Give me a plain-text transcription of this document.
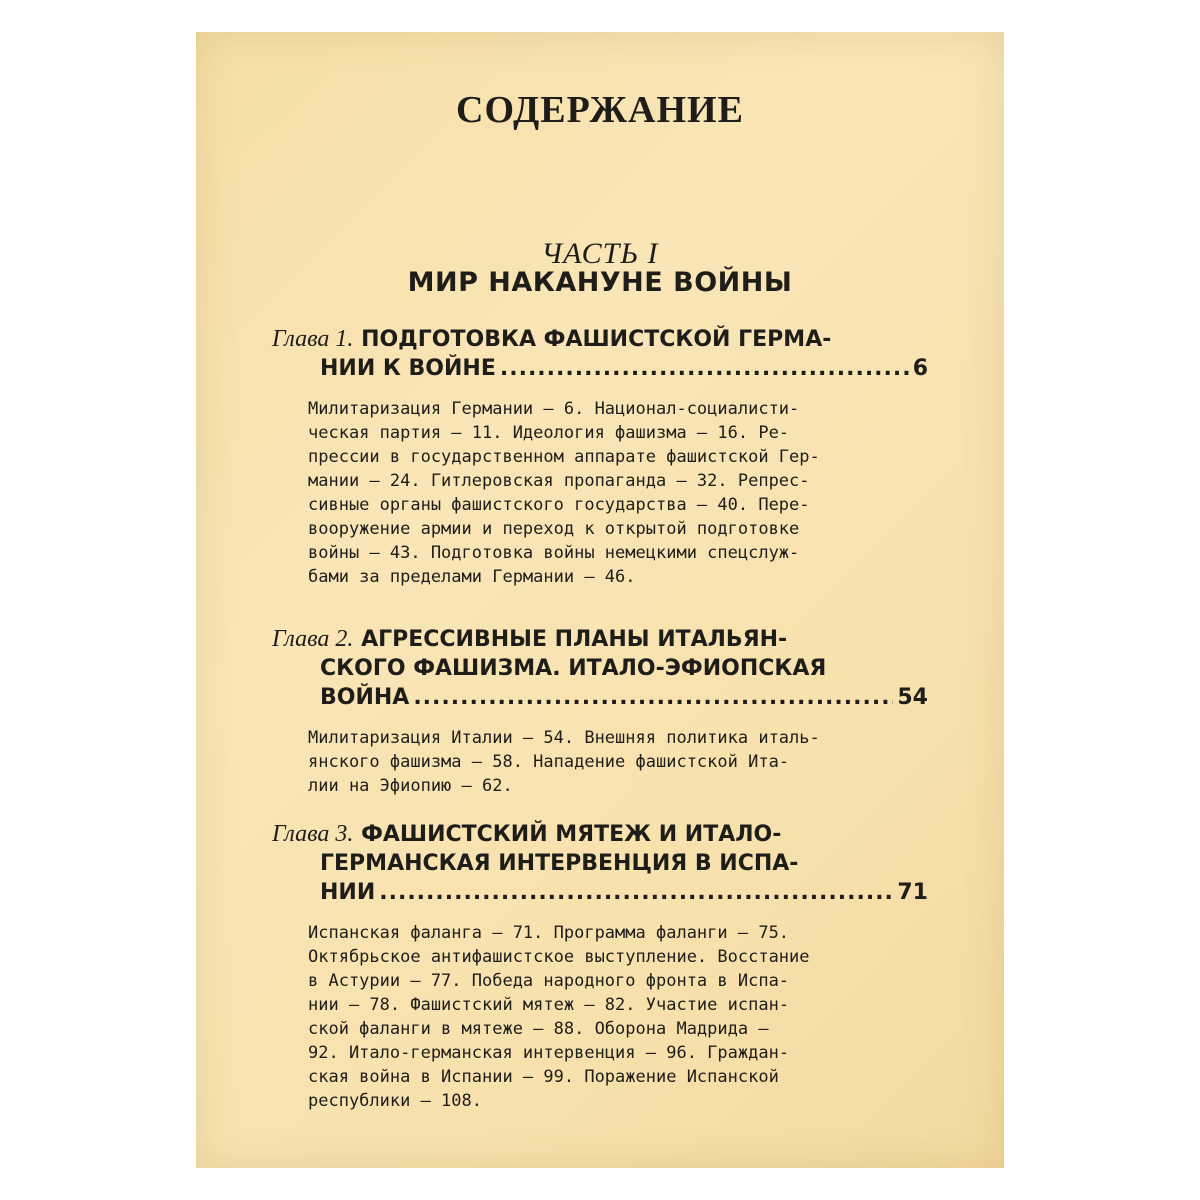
СОДЕРЖАНИЕ
ЧАСТЬ I
МИР НАКАНУНЕ ВОЙНЫ
Глава 1. ПОДГОТОВКА ФАШИСТСКОЙ ГЕРМА-
НИИ К ВОЙНЕ .....	6
Милитаризация Германии — 6. Национал-социалисти-
ческая партия — 11. Идеология фашизма — 16. Ре-
прессии в государственном аппарате фашистской Гер-
мании — 24. Гитлеровская пропаганда — 32. Репрес-
сивные органы фашистского государства — 40. Пере-
вооружение армии и переход к открытой подготовке
войны — 43. Подготовка войны немецкими спецслуж-
бами за пределами Германии — 46.
Глава 2. АГРЕССИВНЫЕ ПЛАНЫ ИТАЛЬЯН-
СКОГО ФАШИЗМА. ИТАЛО-ЭФИОПСКАЯ
ВОЙНА .....	54
Милитаризация Италии — 54. Внешняя политика италь-
янского фашизма — 58. Нападение фашистской Ита-
лии на Эфиопию — 62.
Глава 3. ФАШИСТСКИЙ МЯТЕЖ И ИТАЛО-
ГЕРМАНСКАЯ ИНТЕРВЕНЦИЯ В ИСПА-
НИИ .....	71
Испанская фаланга — 71. Программа фаланги — 75.
Октябрьское антифашистское выступление. Восстание
в Астурии — 77. Победа народного фронта в Испа-
нии — 78. Фашистский мятеж — 82. Участие испан-
ской фаланги в мятеже — 88. Оборона Мадрида —
92. Итало-германская интервенция — 96. Граждан-
ская война в Испании — 99. Поражение Испанской
республики — 108.
